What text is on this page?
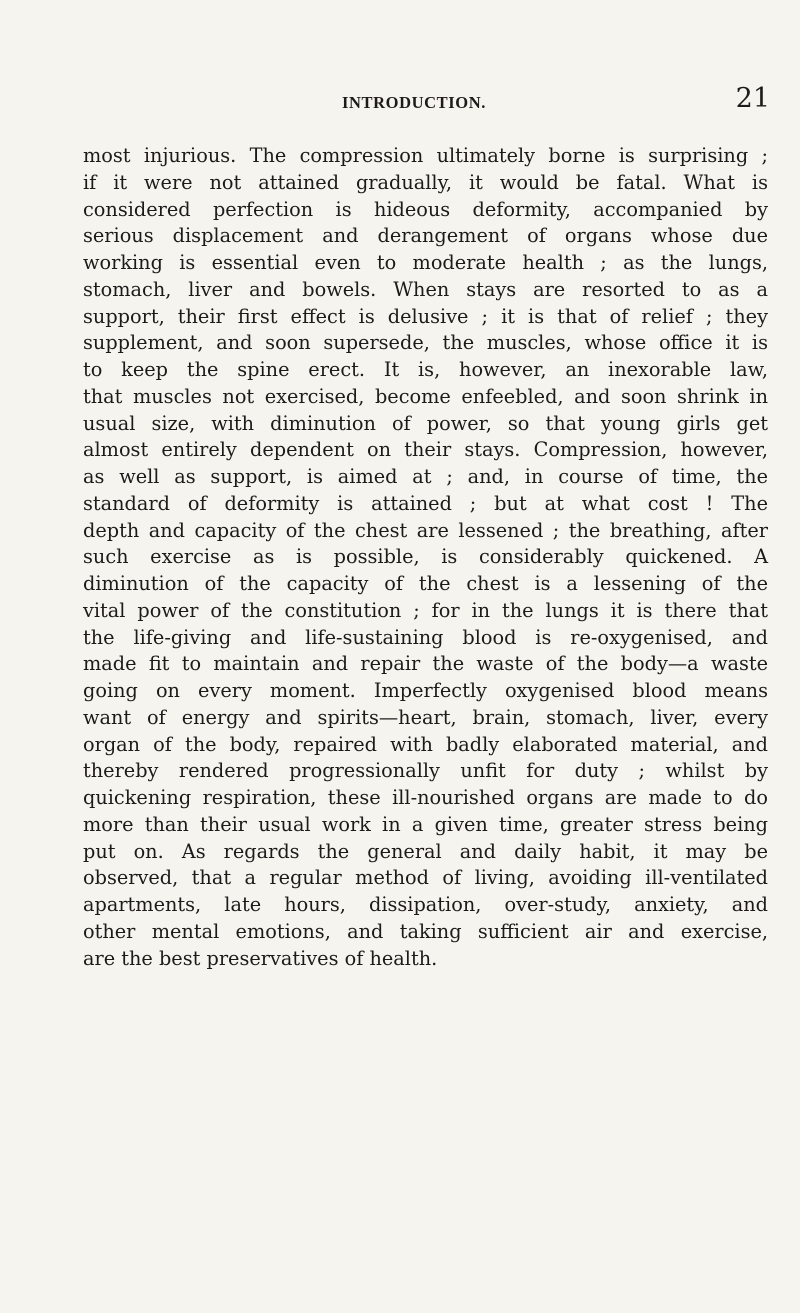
INTRODUCTION.	21
most injurious. The compression ultimately borne is surprising ;
if it were not attained gradually, it would be fatal. What is
considered perfection is hideous deformity, accompanied by
serious displacement and derangement of organs whose due
working is essential even to moderate health ; as the lungs,
stomach, liver and bowels. When stays are resorted to as a
support, their first effect is delusive ; it is that of relief ; they
supplement, and soon supersede, the muscles, whose office it is
to keep the spine erect. It is, however, an inexorable law,
that muscles not exercised, become enfeebled, and soon shrink in
usual size, with diminution of power, so that young girls get
almost entirely dependent on their stays. Compression, however,
as well as support, is aimed at ; and, in course of time, the
standard of deformity is attained ; but at what cost ! The
depth and capacity of the chest are lessened ; the breathing, after
such exercise as is possible, is considerably quickened. A
diminution of the capacity of the chest is a lessening of the
vital power of the constitution ; for in the lungs it is there that
the life-giving and life-sustaining blood is re-oxygenised, and
made fit to maintain and repair the waste of the body—a waste
going on every moment. Imperfectly oxygenised blood means
want of energy and spirits—heart, brain, stomach, liver, every
organ of the body, repaired with badly elaborated material, and
thereby rendered progressionally unfit for duty ; whilst by
quickening respiration, these ill-nourished organs are made to do
more than their usual work in a given time, greater stress being
put on. As regards the general and daily habit, it may be
observed, that a regular method of living, avoiding ill-ventilated
apartments, late hours, dissipation, over-study, anxiety, and
other mental emotions, and taking sufficient air and exercise,
are the best preservatives of health.
